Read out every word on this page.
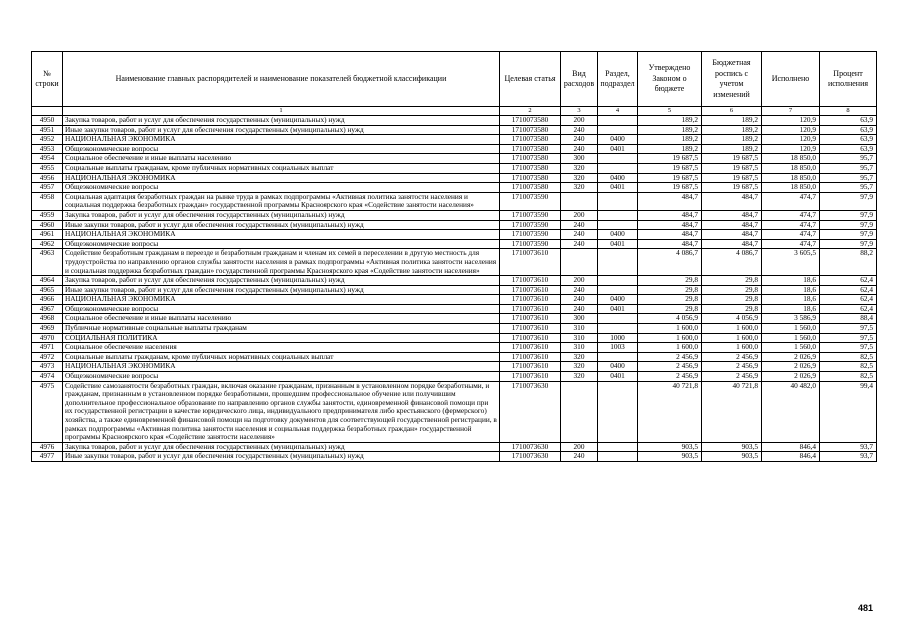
№ строки	Наименование главных распорядителей и наименование показателей бюджетной классификации	Целевая статья	Вид расходов	Раздел, подраздел	Утверждено Законом о бюджете	Бюджетная роспись с учетом изменений	Исполнено	Процент исполнения
	1	2	3	4	5	6	7	8
4950	Закупка товаров, работ и услуг для обеспечения государственных (муниципальных) нужд	1710073580	200		189,2	189,2	120,9	63,9
4951	Иные закупки товаров, работ и услуг для обеспечения государственных (муниципальных) нужд	1710073580	240		189,2	189,2	120,9	63,9
4952	НАЦИОНАЛЬНАЯ ЭКОНОМИКА	1710073580	240	0400	189,2	189,2	120,9	63,9
4953	Общеэкономические вопросы	1710073580	240	0401	189,2	189,2	120,9	63,9
4954	Социальное обеспечение и иные выплаты населению	1710073580	300		19 687,5	19 687,5	18 850,0	95,7
4955	Социальные выплаты гражданам, кроме публичных нормативных социальных выплат	1710073580	320		19 687,5	19 687,5	18 850,0	95,7
4956	НАЦИОНАЛЬНАЯ ЭКОНОМИКА	1710073580	320	0400	19 687,5	19 687,5	18 850,0	95,7
4957	Общеэкономические вопросы	1710073580	320	0401	19 687,5	19 687,5	18 850,0	95,7
4958	Социальная адаптация безработных граждан на рынке труда в рамках подпрограммы «Активная политика занятости населения и социальная поддержка безработных граждан» государственной программы Красноярского края «Содействие занятости населения»	1710073590			484,7	484,7	474,7	97,9
4959	Закупка товаров, работ и услуг для обеспечения государственных (муниципальных) нужд	1710073590	200		484,7	484,7	474,7	97,9
4960	Иные закупки товаров, работ и услуг для обеспечения государственных (муниципальных) нужд	1710073590	240		484,7	484,7	474,7	97,9
4961	НАЦИОНАЛЬНАЯ ЭКОНОМИКА	1710073590	240	0400	484,7	484,7	474,7	97,9
4962	Общеэкономические вопросы	1710073590	240	0401	484,7	484,7	474,7	97,9
4963	Содействие безработным гражданам в переезде и безработным гражданам и членам их семей в переселении в другую местность для трудоустройства по направлению органов службы занятости населения в рамках подпрограммы «Активная политика занятости населения и социальная поддержка безработных граждан» государственной программы Красноярского края «Содействие занятости населения»	1710073610			4 086,7	4 086,7	3 605,5	88,2
4964	Закупка товаров, работ и услуг для обеспечения государственных (муниципальных) нужд	1710073610	200		29,8	29,8	18,6	62,4
4965	Иные закупки товаров, работ и услуг для обеспечения государственных (муниципальных) нужд	1710073610	240		29,8	29,8	18,6	62,4
4966	НАЦИОНАЛЬНАЯ ЭКОНОМИКА	1710073610	240	0400	29,8	29,8	18,6	62,4
4967	Общеэкономические вопросы	1710073610	240	0401	29,8	29,8	18,6	62,4
4968	Социальное обеспечение и иные выплаты населению	1710073610	300		4 056,9	4 056,9	3 586,9	88,4
4969	Публичные нормативные социальные выплаты гражданам	1710073610	310		1 600,0	1 600,0	1 560,0	97,5
4970	СОЦИАЛЬНАЯ ПОЛИТИКА	1710073610	310	1000	1 600,0	1 600,0	1 560,0	97,5
4971	Социальное обеспечение населения	1710073610	310	1003	1 600,0	1 600,0	1 560,0	97,5
4972	Социальные выплаты гражданам, кроме публичных нормативных социальных выплат	1710073610	320		2 456,9	2 456,9	2 026,9	82,5
4973	НАЦИОНАЛЬНАЯ ЭКОНОМИКА	1710073610	320	0400	2 456,9	2 456,9	2 026,9	82,5
4974	Общеэкономические вопросы	1710073610	320	0401	2 456,9	2 456,9	2 026,9	82,5
4975	Содействие самозанятости безработных граждан, включая оказание гражданам, признанным в установленном порядке безработными, и гражданам, признанным в установленном порядке безработными, прошедшим профессиональное обучение или получившим дополнительное профессиональное образование по направлению органов службы занятости, единовременной финансовой помощи при их государственной регистрации в качестве юридического лица, индивидуального предпринимателя либо крестьянского (фермерского) хозяйства, а также единовременной финансовой помощи на подготовку документов для соответствующей государственной регистрации, в рамках подпрограммы «Активная политика занятости населения и социальная поддержка безработных граждан» государственной программы Красноярского края «Содействие занятости населения»	1710073630			40 721,8	40 721,8	40 482,0	99,4
4976	Закупка товаров, работ и услуг для обеспечения государственных (муниципальных) нужд	1710073630	200		903,5	903,5	846,4	93,7
4977	Иные закупки товаров, работ и услуг для обеспечения государственных (муниципальных) нужд	1710073630	240		903,5	903,5	846,4	93,7
481
